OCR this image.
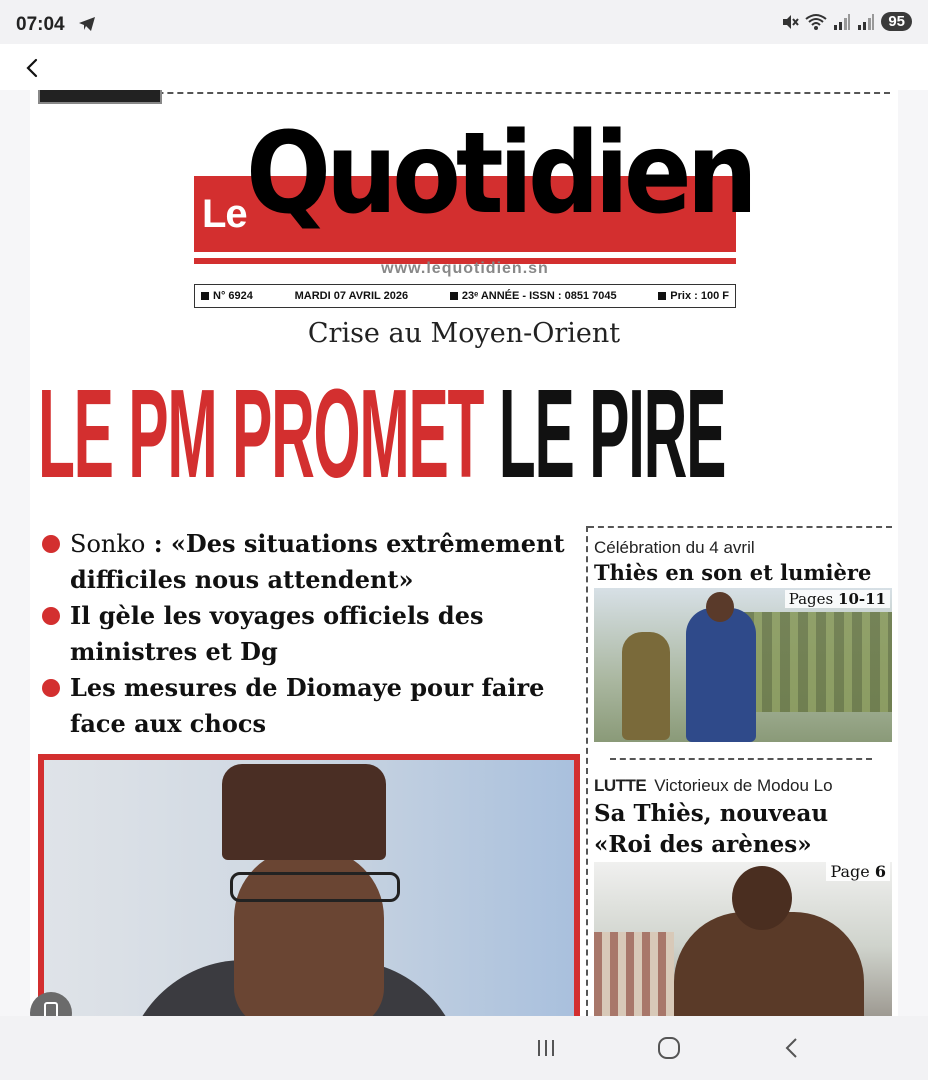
07:04	95
Le Quotidien
www.lequotidien.sn
N° 6924	MARDI 07 AVRIL 2026	23ᵉ ANNÉE - ISSN : 0851 7045	Prix : 100 F
Crise au Moyen-Orient
LE PM PROMET LE PIRE
Sonko : «Des situations extrêmement difficiles nous attendent»
Il gèle les voyages officiels des ministres et Dg
Les mesures de Diomaye pour faire face aux chocs
Célébration du 4 avril
Thiès en son et lumière
Pages 10-11
LUTTE Victorieux de Modou Lo
Sa Thiès, nouveau «Roi des arènes»
Page 6
